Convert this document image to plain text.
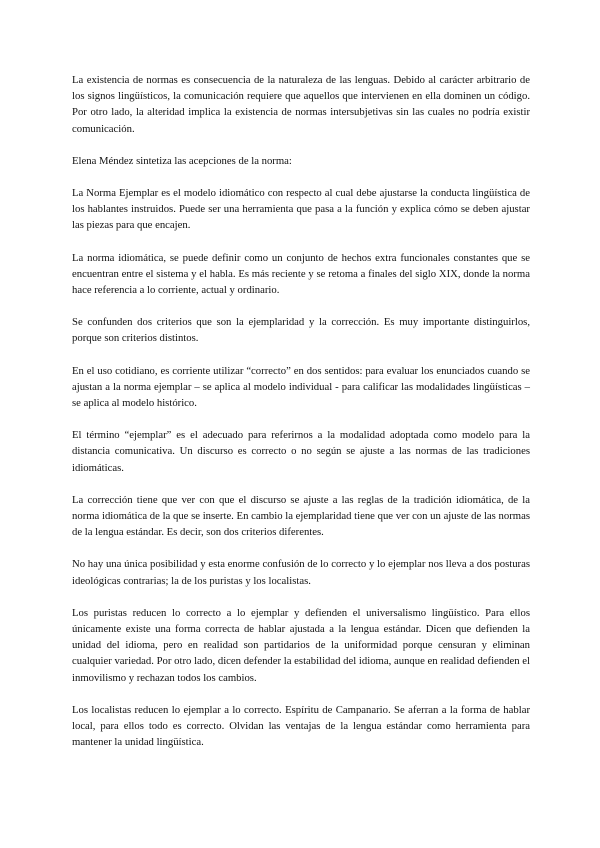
La existencia de normas es consecuencia de la naturaleza de las lenguas. Debido al carácter arbitrario de los signos lingüísticos, la comunicación requiere que aquellos que intervienen en ella dominen un código. Por otro lado, la alteridad implica la existencia de normas intersubjetivas sin las cuales no podría existir comunicación.

Elena Méndez sintetiza las acepciones de la norma:

La Norma Ejemplar es el modelo idiomático con respecto al cual debe ajustarse la conducta lingüística de los hablantes instruidos. Puede ser una herramienta que pasa a la función y explica cómo se deben ajustar las piezas para que encajen.

La norma idiomática, se puede definir como un conjunto de hechos extra funcionales constantes que se encuentran entre el sistema y el habla. Es más reciente y se retoma a finales del siglo XIX, donde la norma hace referencia a lo corriente, actual y ordinario.

Se confunden dos criterios que son la ejemplaridad y la corrección. Es muy importante distinguirlos, porque son criterios distintos.

En el uso cotidiano, es corriente utilizar “correcto” en dos sentidos: para evaluar los enunciados cuando se ajustan a la norma ejemplar – se aplica al modelo individual - para calificar las modalidades lingüísticas – se aplica al modelo histórico.

El término “ejemplar” es el adecuado para referirnos a la modalidad adoptada como modelo para la distancia comunicativa. Un discurso es correcto o no según se ajuste a las normas de las tradiciones idiomáticas.

La corrección tiene que ver con que el discurso se ajuste a las reglas de la tradición idiomática, de la norma idiomática de la que se inserte. En cambio la ejemplaridad tiene que ver con un ajuste de las normas de la lengua estándar. Es decir, son dos criterios diferentes.

No hay una única posibilidad y esta enorme confusión de lo correcto y lo ejemplar nos lleva a dos posturas ideológicas contrarias; la de los puristas y los localistas.

Los puristas reducen lo correcto a lo ejemplar y defienden el universalismo lingüístico. Para ellos únicamente existe una forma correcta de hablar ajustada a la lengua estándar. Dicen que defienden la unidad del idioma, pero en realidad son partidarios de la uniformidad porque censuran y eliminan cualquier variedad. Por otro lado, dicen defender la estabilidad del idioma, aunque en realidad defienden el inmovilismo y rechazan todos los cambios.

Los localistas reducen lo ejemplar a lo correcto. Espíritu de Campanario. Se aferran a la forma de hablar local, para ellos todo es correcto. Olvidan las ventajas de la lengua estándar como herramienta para mantener la unidad lingüística.
